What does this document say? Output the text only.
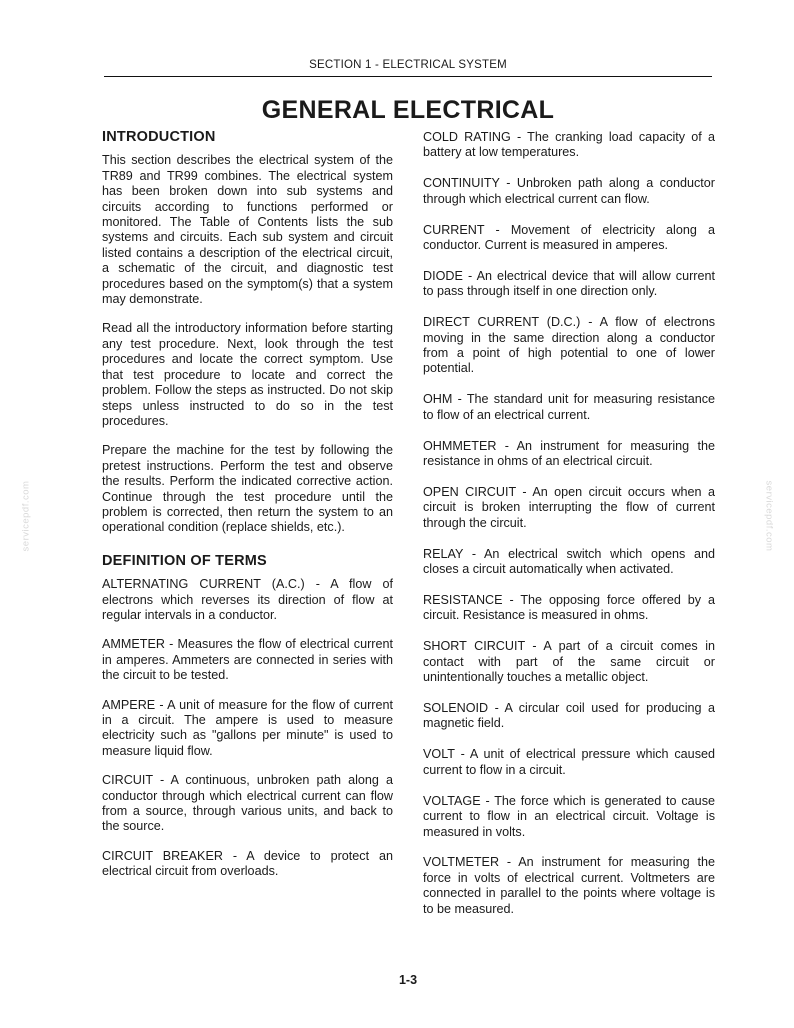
SECTION 1 - ELECTRICAL SYSTEM
GENERAL ELECTRICAL
INTRODUCTION

This section describes the electrical system of the TR89 and TR99 combines. The electrical system has been broken down into sub systems and circuits according to functions performed or monitored. The Table of Contents lists the sub systems and circuits. Each sub system and circuit listed contains a description of the electrical circuit, a schematic of the circuit, and diagnostic test procedures based on the symptom(s) that a system may demonstrate.

Read all the introductory information before starting any test procedure. Next, look through the test procedures and locate the correct symptom. Use that test procedure to locate and correct the problem. Follow the steps as instructed. Do not skip steps unless instructed to do so in the test procedures.

Prepare the machine for the test by following the pretest instructions. Perform the test and observe the results. Perform the indicated corrective action. Continue through the test procedure until the problem is corrected, then return the system to an operational condition (replace shields, etc.).

DEFINITION OF TERMS

ALTERNATING CURRENT (A.C.) - A flow of electrons which reverses its direction of flow at regular intervals in a conductor.

AMMETER - Measures the flow of electrical current in amperes. Ammeters are connected in series with the circuit to be tested.

AMPERE - A unit of measure for the flow of current in a circuit. The ampere is used to measure electricity such as "gallons per minute" is used to measure liquid flow.

CIRCUIT - A continuous, unbroken path along a conductor through which electrical current can flow from a source, through various units, and back to the source.

CIRCUIT BREAKER - A device to protect an electrical circuit from overloads.

COLD RATING - The cranking load capacity of a battery at low temperatures.

CONTINUITY - Unbroken path along a conductor through which electrical current can flow.

CURRENT - Movement of electricity along a conductor. Current is measured in amperes.

DIODE - An electrical device that will allow current to pass through itself in one direction only.

DIRECT CURRENT (D.C.) - A flow of electrons moving in the same direction along a conductor from a point of high potential to one of lower potential.

OHM - The standard unit for measuring resistance to flow of an electrical current.

OHMMETER - An instrument for measuring the resistance in ohms of an electrical circuit.

OPEN CIRCUIT - An open circuit occurs when a circuit is broken interrupting the flow of current through the circuit.

RELAY - An electrical switch which opens and closes a circuit automatically when activated.

RESISTANCE - The opposing force offered by a circuit. Resistance is measured in ohms.

SHORT CIRCUIT - A part of a circuit comes in contact with part of the same circuit or unintentionally touches a metallic object.

SOLENOID - A circular coil used for producing a magnetic field.

VOLT - A unit of electrical pressure which caused current to flow in a circuit.

VOLTAGE - The force which is generated to cause current to flow in an electrical circuit. Voltage is measured in volts.

VOLTMETER - An instrument for measuring the force in volts of electrical current. Voltmeters are connected in parallel to the points where voltage is to be measured.

servicepdf.com	servicepdf.com
1-3
